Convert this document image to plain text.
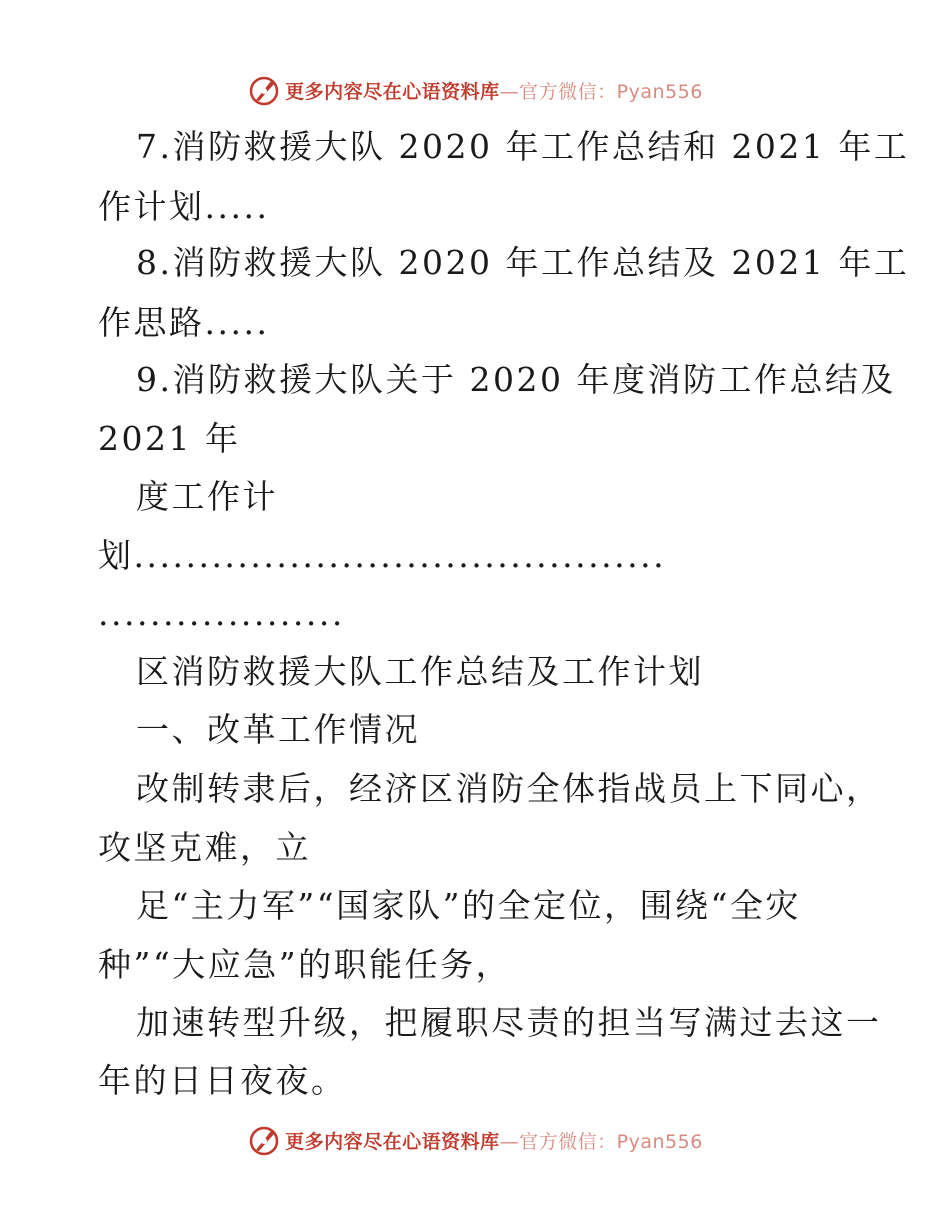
更多内容尽在心语资料库—官方微信：Pyan556

7.消防救援大队 2020 年工作总结和 2021 年工

作计划.....

8.消防救援大队 2020 年工作总结及 2021 年工

作思路.....

9.消防救援大队关于 2020 年度消防工作总结及

2021 年

度工作计

划.........................................

...................

区消防救援大队工作总结及工作计划

一、改革工作情况

改制转隶后，经济区消防全体指战员上下同心，

攻坚克难，立

足“主力军”“国家队”的全定位，围绕“全灾

种”“大应急”的职能任务，

加速转型升级，把履职尽责的担当写满过去这一

年的日日夜夜。

更多内容尽在心语资料库—官方微信：Pyan556
